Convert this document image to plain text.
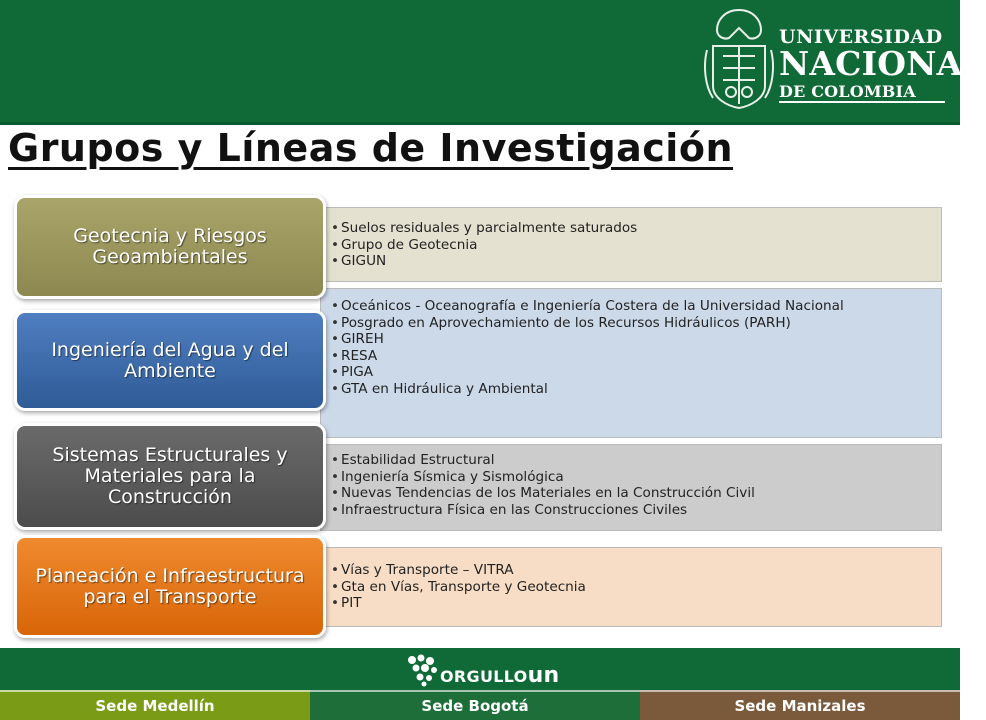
UNIVERSIDAD
NACIONAL
DE COLOMBIA
Grupos y Líneas de Investigación
• Suelos residuales y parcialmente saturados
• Grupo de Geotecnia
• GIGUN
• Oceánicos - Oceanografía e Ingeniería Costera de la Universidad Nacional
• Posgrado en Aprovechamiento de los Recursos Hidráulicos (PARH)
• GIREH
• RESA
• PIGA
• GTA en Hidráulica y Ambiental
• Estabilidad Estructural
• Ingeniería Sísmica y Sismológica
• Nuevas Tendencias de los Materiales en la Construcción Civil
• Infraestructura Física en las Construcciones Civiles
• Vías y Transporte – VITRA
• Gta en Vías, Transporte y Geotecnia
• PIT
Geotecnia y Riesgos Geoambientales
Ingeniería del Agua y del Ambiente
Sistemas Estructurales y Materiales para la Construcción
Planeación e Infraestructura para el Transporte
ORGULLOun
Sede Medellín	Sede Bogotá	Sede Manizales
